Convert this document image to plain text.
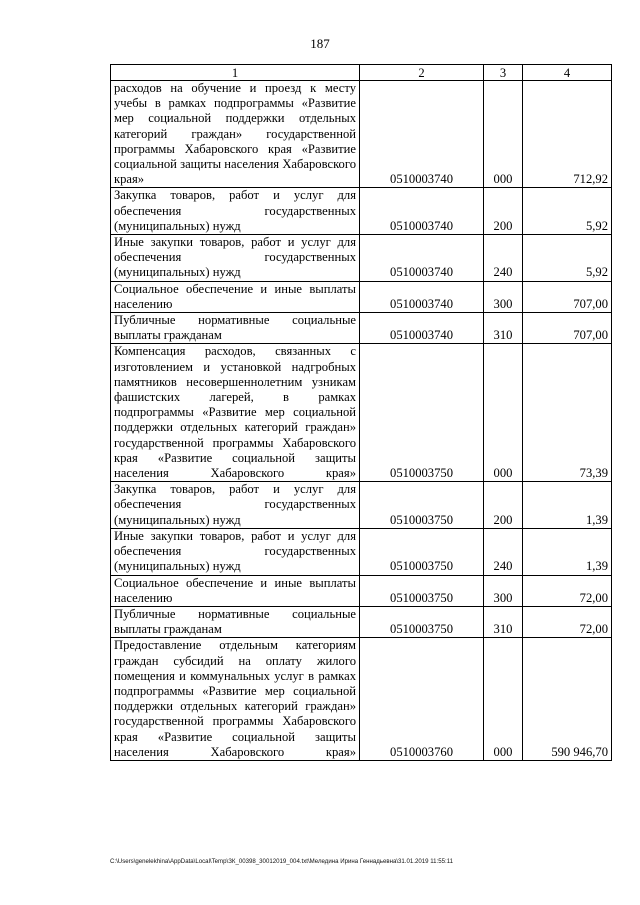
187
1	2	3	4
расходов на обучение и проезд к месту учебы в рамках подпрограммы «Развитие мер социальной поддержки отдельных категорий граждан» государственной программы Хабаровского края «Развитие социальной защиты населения Хабаровского края»	0510003740	000	712,92
Закупка товаров, работ и услуг для обеспечения государственных (муниципальных) нужд	0510003740	200	5,92
Иные закупки товаров, работ и услуг для обеспечения государственных (муниципальных) нужд	0510003740	240	5,92
Социальное обеспечение и иные выплаты населению	0510003740	300	707,00
Публичные нормативные социальные выплаты гражданам	0510003740	310	707,00
Компенсация расходов, связанных с изготовлением и установкой надгробных памятников несовершеннолетним узникам фашистских лагерей, в рамках подпрограммы «Развитие мер социальной поддержки отдельных категорий граждан» государственной программы Хабаровского края «Развитие социальной защиты населения Хабаровского края»	0510003750	000	73,39
Закупка товаров, работ и услуг для обеспечения государственных (муниципальных) нужд	0510003750	200	1,39
Иные закупки товаров, работ и услуг для обеспечения государственных (муниципальных) нужд	0510003750	240	1,39
Социальное обеспечение и иные выплаты населению	0510003750	300	72,00
Публичные нормативные социальные выплаты гражданам	0510003750	310	72,00
Предоставление отдельным категориям граждан субсидий на оплату жилого помещения и коммунальных услуг в рамках подпрограммы «Развитие мер социальной поддержки отдельных категорий граждан» государственной программы Хабаровского края «Развитие социальной защиты населения Хабаровского края»	0510003760	000	590 946,70
C:\Users\genelekhina\AppData\Local\Temp\ЗК_00398_30012019_004.txt\Меледина Ирина Геннадьевна\31.01.2019 11:55:11
